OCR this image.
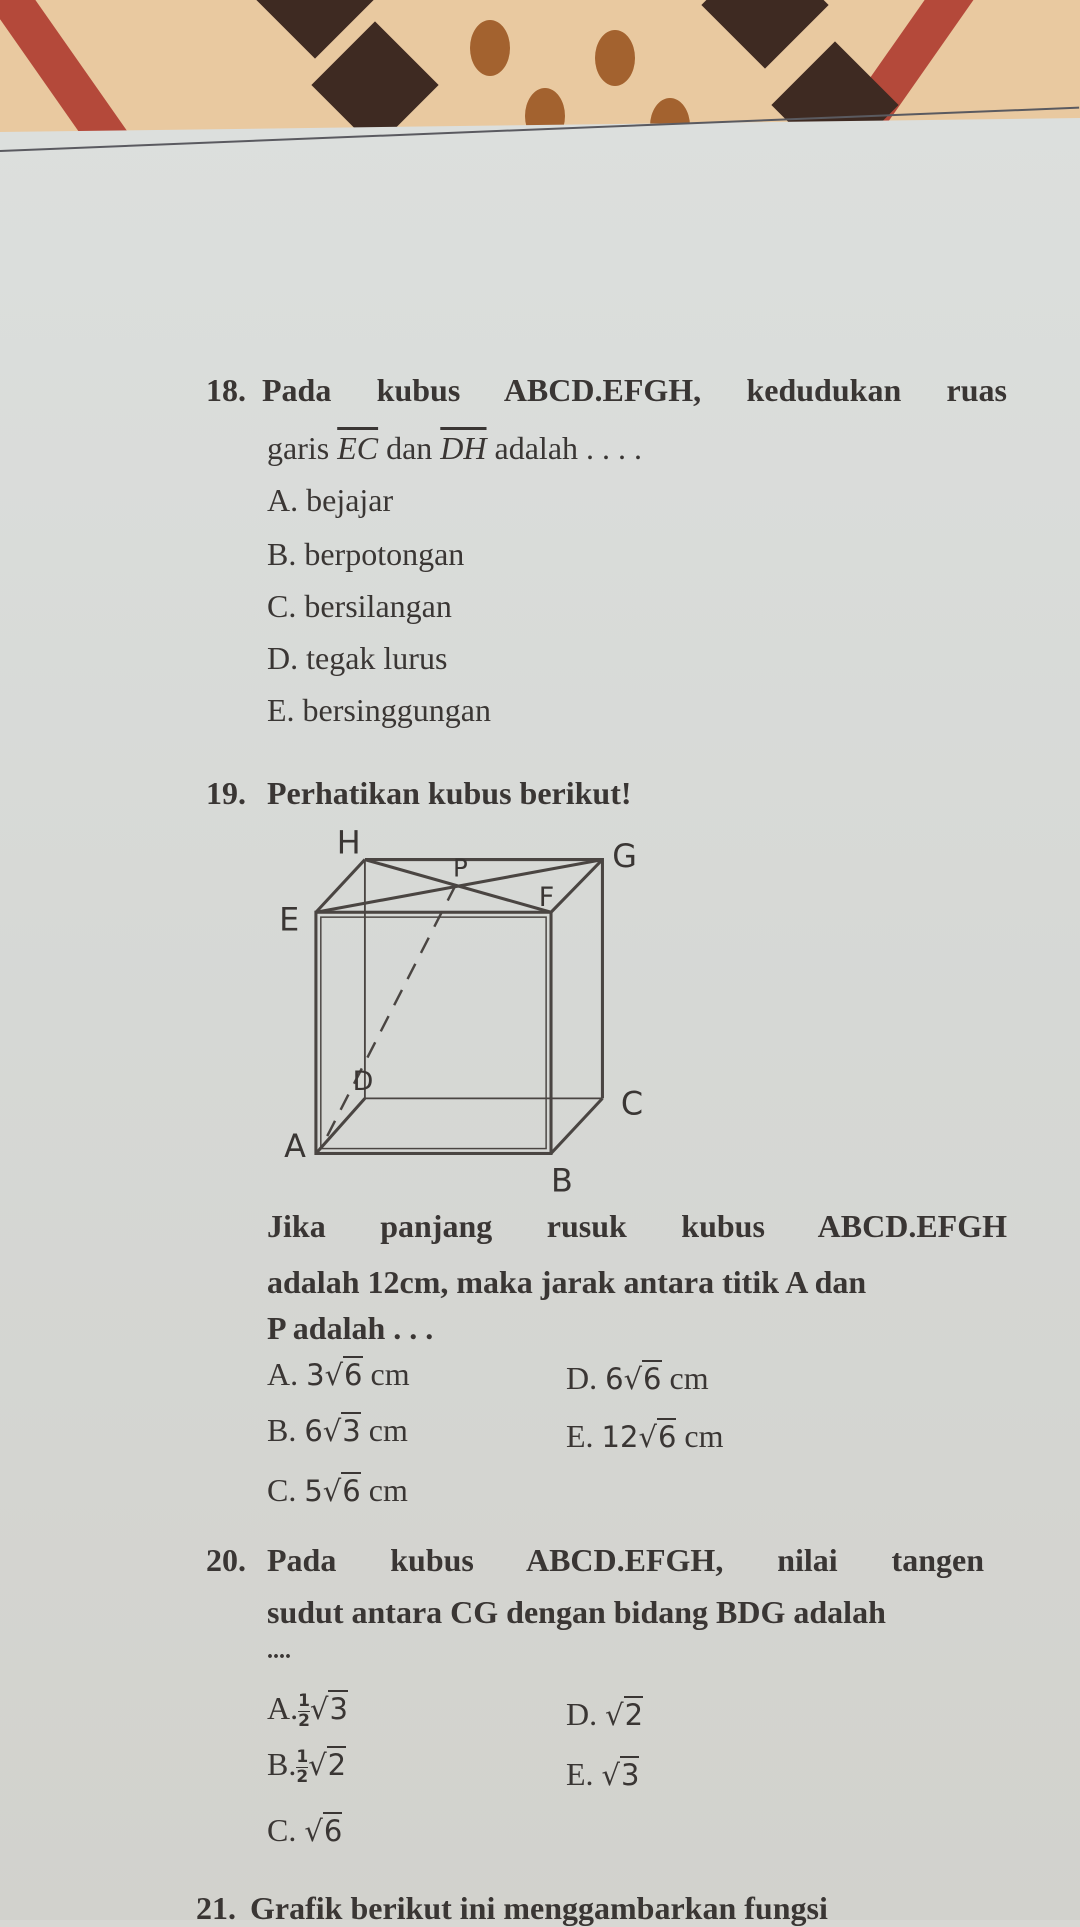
18. Pada kubus ABCD.EFGH, kedudukan ruas
garis $\overline{EC}$ dan $\overline{DH}$ adalah . . . .
A. bejajar
B. berpotongan
C. bersilangan
D. tegak lurus
E. bersinggungan
19. Perhatikan kubus berikut!
H	G
P
E
F
D
C
A
B
Jika panjang rusuk kubus ABCD.EFGH
adalah 12cm, maka jarak antara titik A dan
P adalah . . .
A. 3√6 cm
B. 6√3 cm
C. 5√6 cm
D. 6√6 cm
E. 12√6 cm
20. Pada kubus ABCD.EFGH, nilai tangen
sudut antara CG dengan bidang BDG adalah
....
A. $\frac{1}{2} √3$
B. $\frac{1}{2} √2$
C. √6
D. √2
E. √3
21. Grafik berikut ini menggambarkan fungsi
